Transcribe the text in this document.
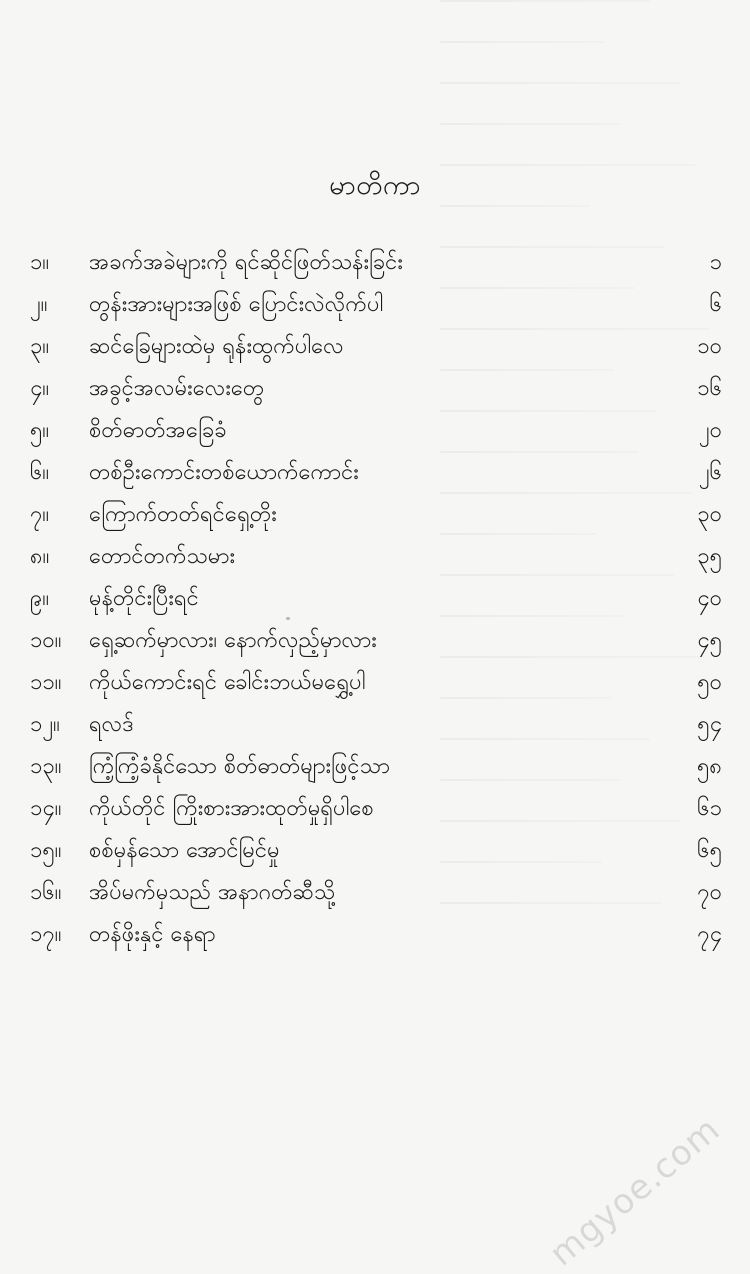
မာတိကာ
၁။	အခက်အခဲများကို ရင်ဆိုင်ဖြတ်သန်းခြင်း	၁
၂။	တွန်းအားများအဖြစ် ပြောင်းလဲလိုက်ပါ	၆
၃။	ဆင်ခြေများထဲမှ ရုန်းထွက်ပါလေ	၁၀
၄။	အခွင့်အလမ်းလေးတွေ	၁၆
၅။	စိတ်ဓာတ်အခြေခံ	၂၀
၆။	တစ်ဦးကောင်းတစ်ယောက်ကောင်း	၂၆
၇။	ကြောက်တတ်ရင်ရှေ့တိုး	၃၀
၈။	တောင်တက်သမား	၃၅
၉။	မုန့်တိုင်းပြီးရင်	၄၀
၁၀။	ရှေ့ဆက်မှာလား၊ နောက်လှည့်မှာလား	၄၅
၁၁။	ကိုယ်ကောင်းရင် ခေါင်းဘယ်မရွှေ့ပါ	၅၀
၁၂။	ရလဒ်	၅၄
၁၃။	ကြံ့ကြံ့ခံနိုင်သော စိတ်ဓာတ်များဖြင့်သာ	၅၈
၁၄။	ကိုယ်တိုင် ကြိုးစားအားထုတ်မှုရှိပါစေ	၆၁
၁၅။	စစ်မှန်သော အောင်မြင်မှု	၆၅
၁၆။	အိပ်မက်မှသည် အနာဂတ်ဆီသို့	၇၀
၁၇။	တန်ဖိုးနှင့် နေရာ	၇၄
mgyoe.com
